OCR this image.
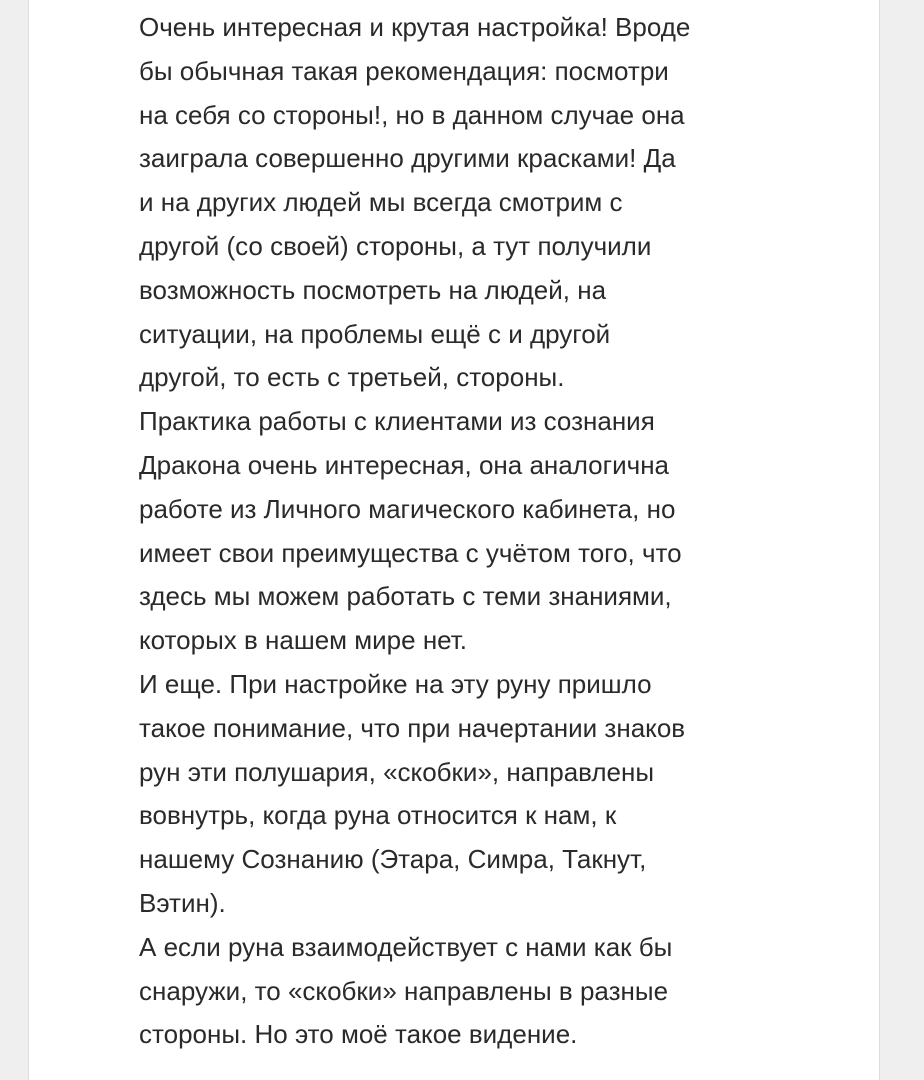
Очень интересная и крутая настройка! Вроде
бы обычная такая рекомендация: посмотри
на себя со стороны!, но в данном случае она
заиграла совершенно другими красками! Да
и на других людей мы всегда смотрим с
другой (со своей) стороны, а тут получили
возможность посмотреть на людей, на
ситуации, на проблемы ещё с и другой
другой, то есть с третьей, стороны.
Практика работы с клиентами из сознания
Дракона очень интересная, она аналогична
работе из Личного магического кабинета, но
имеет свои преимущества с учётом того, что
здесь мы можем работать с теми знаниями,
которых в нашем мире нет.
И еще. При настройке на эту руну пришло
такое понимание, что при начертании знаков
рун эти полушария, «скобки», направлены
вовнутрь, когда руна относится к нам, к
нашему Сознанию (Этара, Симра, Такнут,
Вэтин).
А если руна взаимодействует с нами как бы
снаружи, то «скобки» направлены в разные
стороны. Но это моё такое видение.
